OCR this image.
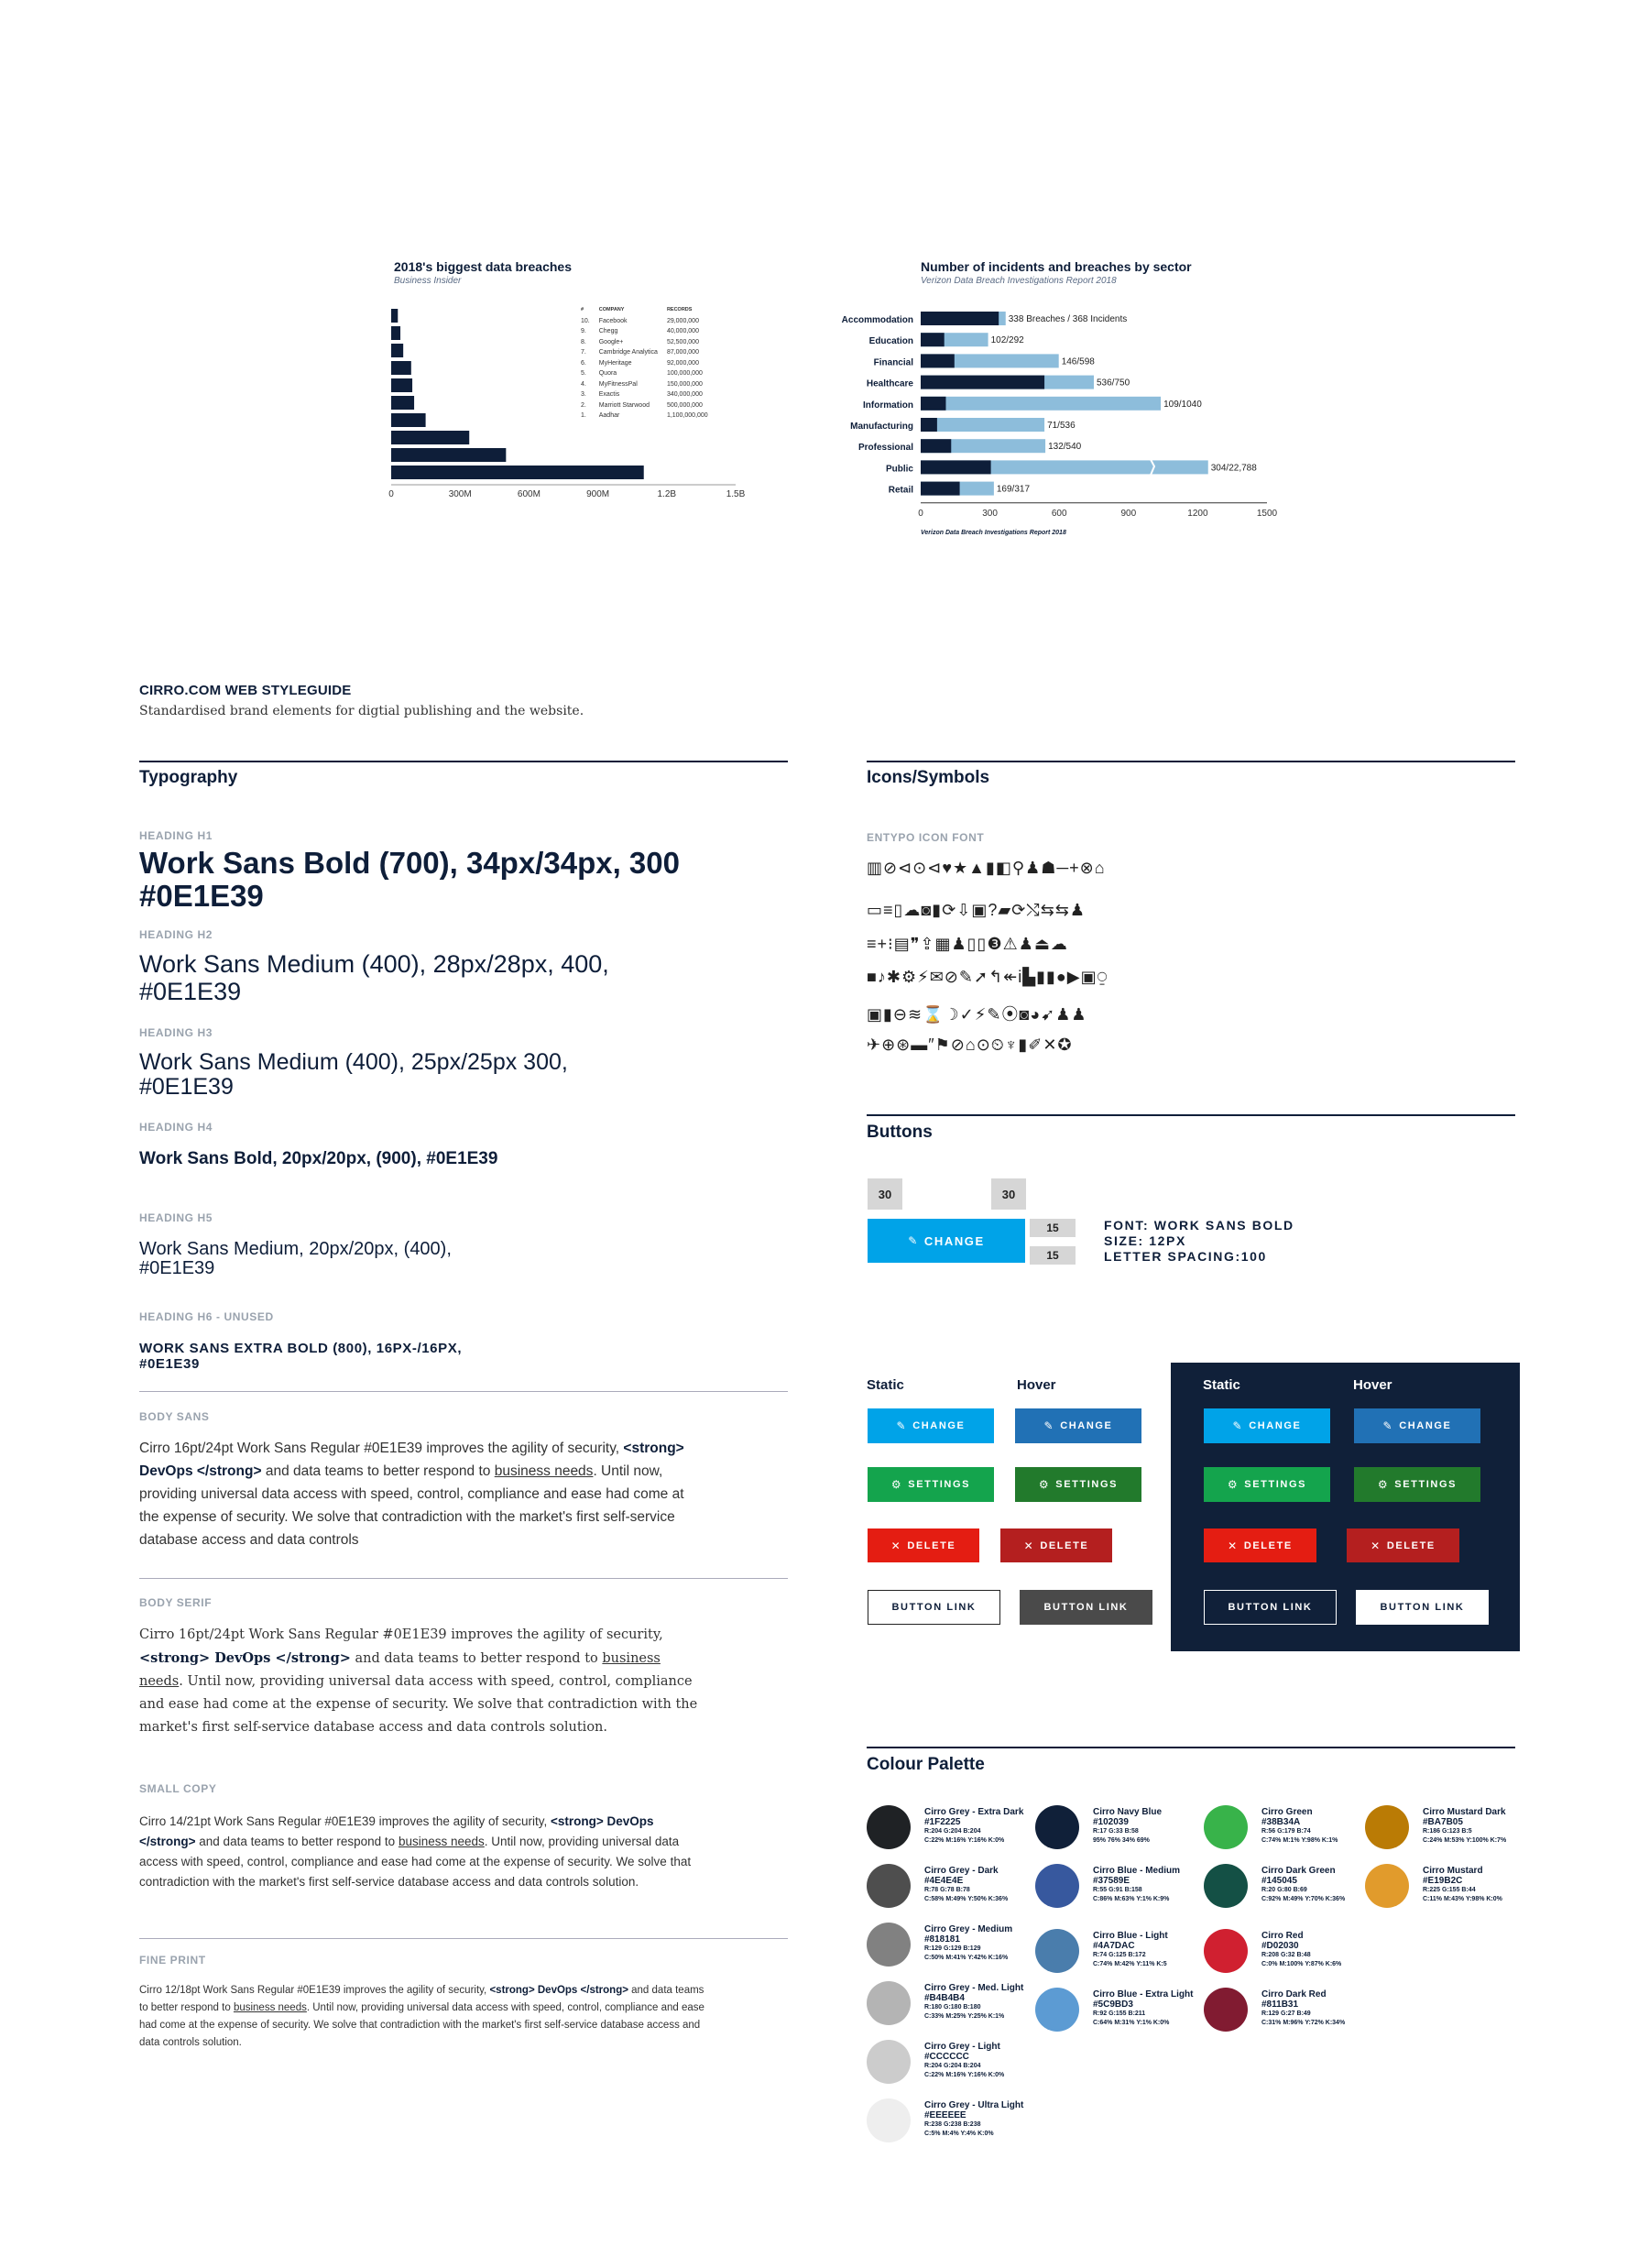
2018's biggest data breaches
Business Insider
0	300M	600M	900M	1.2B	1.5B
#	COMPANY	RECORDS
10.	Facebook	29,000,000
9.	Chegg	40,000,000
8.	Google+	52,500,000
7.	Cambridge Analytica	87,000,000
6.	MyHeritage	92,000,000
5.	Quora	100,000,000
4.	MyFitnessPal	150,000,000
3.	Exactis	340,000,000
2.	Marriott Starwood	500,000,000
1.	Aadhar	1,100,000,000
Number of incidents and breaches by sector
Verizon Data Breach Investigations Report 2018
Accommodation	338 Breaches / 368 Incidents
Education	102/292
Financial	146/598
Healthcare	536/750
Information	109/1040
Manufacturing	71/536
Professional	132/540
Public	304/22,788
Retail	169/317
0	300	600	900	1200	1500
Verizon Data Breach Investigations Report 2018
CIRRO.COM WEB STYLEGUIDE
Standardised brand elements for digtial publishing and the website.
Typography
HEADING H1
Work Sans Bold (700), 34px/34px, 300 #0E1E39
HEADING H2
Work Sans Medium (400), 28px/28px, 400, #0E1E39
HEADING H3
Work Sans Medium (400), 25px/25px 300, #0E1E39
HEADING H4
Work Sans Bold, 20px/20px, (900), #0E1E39
HEADING H5
Work Sans Medium, 20px/20px, (400), #0E1E39
HEADING H6 - UNUSED
WORK SANS EXTRA BOLD (800), 16PX-/16PX, #0E1E39
BODY SANS
Cirro 16pt/24pt Work Sans Regular #0E1E39 improves the agility of security, <strong> DevOps </strong> and data teams to better respond to business needs. Until now, providing universal data access with speed, control, compliance and ease had come at the expense of security. We solve that contradiction with the market's first self-service database access and data controls
BODY SERIF
Cirro 16pt/24pt Work Sans Regular #0E1E39 improves the agility of security, <strong> DevOps </strong> and data teams to better respond to business needs. Until now, providing universal data access with speed, control, compliance and ease had come at the expense of security. We solve that contradiction with the market's first self-service database access and data controls solution.
SMALL COPY
Cirro 14/21pt Work Sans Regular #0E1E39 improves the agility of security, <strong> DevOps </strong> and data teams to better respond to business needs. Until now, providing universal data access with speed, control, compliance and ease had come at the expense of security. We solve that contradiction with the market's first self-service database access and data controls solution.
FINE PRINT
Cirro 12/18pt Work Sans Regular #0E1E39 improves the agility of security, <strong> DevOps </strong> and data teams to better respond to business needs. Until now, providing universal data access with speed, control, compliance and ease had come at the expense of security. We solve that contradiction with the market's first self-service database access and data controls solution.
Icons/Symbols
ENTYPO ICON FONT
▥⊘⊲⊙⊲♥★▲▮◧⚲♟☗─+⊗⌂
▭≡▯☁◙▮⟳⇩▣?▰⟳⤭⇆⇆♟
≡+⁝▤❞⇪▦♟▯▯❸⚠♟⏏☁
■♪✱⚙⚡✉⊘✎➚↰↞i▙▮▮●▶▣⍜
▣▮⊖≋⌛☽✓⚡✎⦿◙◕➹♟♟
✈⊕⊛▬″⚑⊘⌂⊙⏲♆▮✐✕✪
Buttons
30	30
✎ CHANGE
15
15
FONT: WORK SANS BOLD
SIZE: 12PX
LETTER SPACING:100
Static	Hover
✎ CHANGE	✎ CHANGE
⚙ SETTINGS	⚙ SETTINGS
✕ DELETE	✕ DELETE
BUTTON LINK	BUTTON LINK
Static	Hover
✎ CHANGE	✎ CHANGE
⚙ SETTINGS	⚙ SETTINGS
✕ DELETE	✕ DELETE
BUTTON LINK	BUTTON LINK
Colour Palette
Cirro Grey - Extra Dark
#1F2225
R:204 G:204 B:204
C:22% M:16% Y:16% K:0%
Cirro Grey - Dark
#4E4E4E
R:78 G:78 B:78
C:58% M:49% Y:50% K:36%
Cirro Grey - Medium
#818181
R:129 G:129 B:129
C:50% M:41% Y:42% K:16%
Cirro Grey - Med. Light
#B4B4B4
R:180 G:180 B:180
C:33% M:25% Y:25% K:1%
Cirro Grey - Light
#CCCCCC
R:204 G:204 B:204
C:22% M:16% Y:16% K:0%
Cirro Grey - Ultra Light
#EEEEEE
R:238 G:238 B:238
C:5% M:4% Y:4% K:0%
Cirro Navy Blue
#102039
R:17 G:33 B:58
95% 76% 34% 69%
Cirro Blue - Medium
#37589E
R:55 G:91 B:158
C:86% M:63% Y:1% K:9%
Cirro Blue - Light
#4A7DAC
R:74 G:125 B:172
C:74% M:42% Y:11% K:5
Cirro Blue - Extra Light
#5C9BD3
R:92 G:155 B:211
C:64% M:31% Y:1% K:0%
Cirro Green
#38B34A
R:56 G:179 B:74
C:74% M:1% Y:98% K:1%
Cirro Dark Green
#145045
R:20 G:80 B:69
C:92% M:49% Y:70% K:36%
Cirro Red
#D02030
R:208 G:32 B:48
C:0% M:100% Y:87% K:6%
Cirro Dark Red
#811B31
R:129 G:27 B:49
C:31% M:96% Y:72% K:34%
Cirro Mustard Dark
#BA7B05
R:186 G:123 B:5
C:24% M:53% Y:100% K:7%
Cirro Mustard
#E19B2C
R:225 G:155 B:44
C:11% M:43% Y:98% K:0%
